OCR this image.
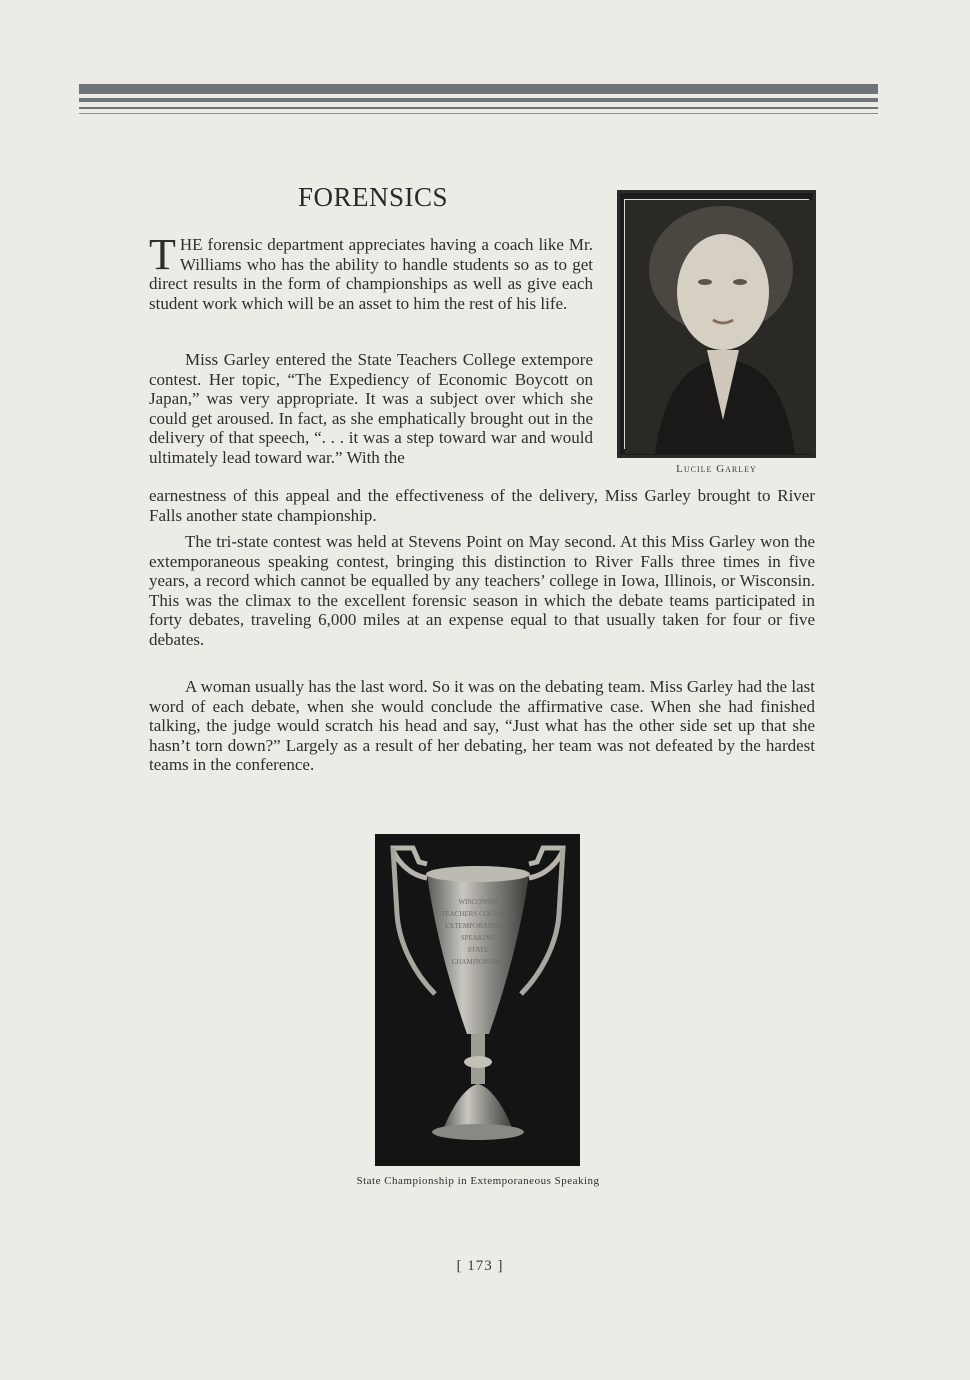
FORENSICS
THE forensic department appreciates having a coach like Mr. Williams who has the ability to handle students so as to get direct results in the form of championships as well as give each student work which will be an asset to him the rest of his life.
Miss Garley entered the State Teachers College extempore contest. Her topic, “The Expediency of Economic Boycott on Japan,” was very appropriate. It was a subject over which she could get aroused. In fact, as she emphatically brought out in the delivery of that speech, “. . . it was a step toward war and would ultimately lead toward war.” With the
earnestness of this appeal and the effectiveness of the delivery, Miss Garley brought to River Falls another state championship.
Lucile Garley
The tri-state contest was held at Stevens Point on May second. At this Miss Garley won the extemporaneous speaking contest, bringing this distinction to River Falls three times in five years, a record which cannot be equalled by any teachers’ college in Iowa, Illinois, or Wisconsin. This was the climax to the excellent forensic season in which the debate teams participated in forty debates, traveling 6,000 miles at an expense equal to that usually taken for four or five debates.
A woman usually has the last word. So it was on the debating team. Miss Garley had the last word of each debate, when she would conclude the affirmative case. When she had finished talking, the judge would scratch his head and say, “Just what has the other side set up that she hasn’t torn down?” Largely as a result of her debating, her team was not defeated by the hardest teams in the conference.
WISCONSIN
TEACHERS COLLEGES
EXTEMPORANEOUS
SPEAKING
STATE
CHAMPIONSHIP
State Championship in Extemporaneous Speaking
[ 173 ]
